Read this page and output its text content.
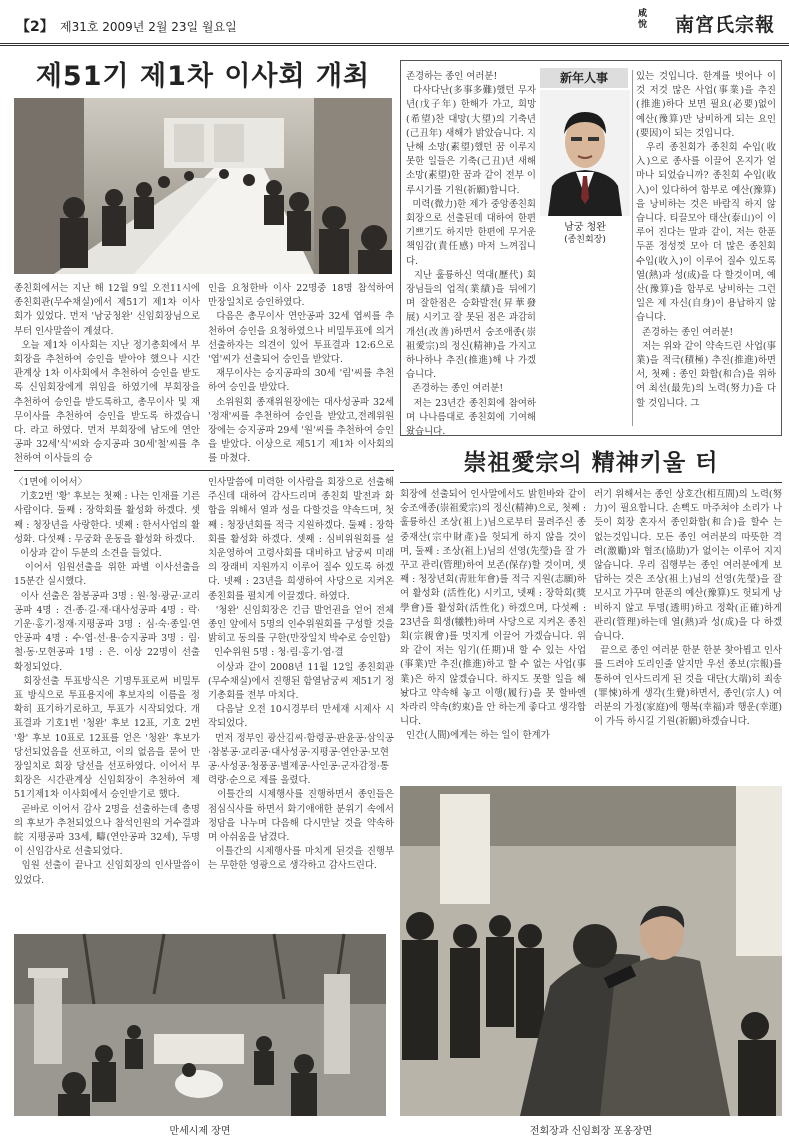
【2】 제31호 2009년 2월 23일 월요일
咸悅 南宮氏宗報
제51기 제1차 이사회 개최
종친회에서는 지난 해 12월 9일 오전11시에 종친회관(무수채실)에서 제51기 제1차 이사회가 있었다. 먼저 '남궁청완' 신임회장님으로부터 인사말씀이 계셨다.
오늘 제1차 이사회는 지난 정기총회에서 부회장을 추천하여 승인을 받아야 했으나 시간관계상 1차 이사회에서 추천하여 승인을 받도록 신임회장에게 위임을 하였기에 부회장을 추천하여 승인을 받도록하고, 총무이사 및 재무이사를 추천하여 승인을 받도록 하겠습니다. 라고 하였다. 먼저 부회장에 남도에 연안공파 32세'식'씨와 승지공파 30세'철'씨를 추천하여 이사들의 승
인을 요청한바 이사 22명중 18명 참석하여 만장일치로 승인하였다.
다음은 총무이사 연안공파 32세 엽씨를 추천하여 승인을 요청하였으나 비밀투표에 의거 선출하자는 의견이 있어 투표결과 12:6으로 '엽'씨가 선출되어 승인을 받았다.
재무이사는 승지공파의 30세 '림'씨를 추천하여 승인을 받았다.
소위원회 종재위원장에는 대사성공파 32세 '정재'씨를 추천하여 승인을 받았고,전례위원장에는 승지공파 29세 '원'씨를 추천하여 승인을 받았다. 이상으로 제51기 제1차 이사회의를 마쳤다.
〈1면에 이어서〉
기호2번 '황' 후보는 첫째 : 나는 인재를 기른 사람이다. 둘째 : 장학회를 활성화 하겠다. 셋째 : 청장년을 사랑한다. 넷째 : 한서사업의 활성화. 다섯째 : 무궁화 운동을 활성화 하겠다.
이상과 같이 두분의 소견을 들었다.
이어서 임원선출을 위한 파별 이사선출을 15분간 실시했다.
이사 선출은 참봉공파 3명 : 원·청·광균·교리공파 4명 : 견·종·길·재·대사성공파 4명 : 락·기운·홍기·정재·지평공파 3명 : 심·숙·종일·연안공파 4명 : 수·엽·선·용·승지공파 3명 : 림·철·동·모현공파 1명 : 은. 이상 22명이 선출 확정되었다.
회장선출 투표방식은 기명투표로써 비밀투표 방식으로 투표용지에 후보자의 이름을 정확히 표기하기로하고, 투표가 시작되었다. 개표결과 기호1번 '청완' 후보 12표, 기호 2번 '황' 후보 10표로 12표를 얻은 '청완' 후보가 당선되었음을 선포하고, 이의 없음을 묻어 만장일치로 회장 당선을 선포하였다. 이어서 부회장은 시간관계상 신임회장이 추천하여 제51기제1차 이사회에서 승인받기로 했다.
곧바로 이어서 감사 2명을 선출하는데 총명의 후보가 추천되었으나 참석인원의 거수결과 皖 지평공파 33세, 疇(연안공파 32세), 두명이 신임감사로 선출되었다.
임원 선출이 끝나고 신임회장의 인사말씀이 있었다.
인사말씀에 미력한 이사람을 회장으로 선출해 주신데 대하여 감사드리며 종친회 발전과 화합을 위해서 열과 성을 다할것을 약속드며, 첫째 : 청장년회를 적극 지원하겠다. 둘째 : 장학회를 활성화 하겠다. 셋째 : 심비위원회를 설치운영하여 고령사회를 대비하고 남궁씨 미래의 장래비 지원까지 이루어 질수 있도록 하겠다. 넷째 : 23년을 희생하여 사당으로 지켜온 종친회를 펼치게 이끌겠다. 하였다.
'청완' 신임회장은 긴급 발언권을 얻어 전체 종인 앞에서 5명의 인수위원회를 구성할 것을 밝히고 동의를 구한(만장일치 박수로 승인함)
인수위원 5명 : 청·림·홍기·엽·결
이상과 같이 2008년 11월 12일 종친회관(무수채실)에서 진행된 함열남궁씨 제51기 정기총회를 전부 마치다.
다음날 오전 10시경부터 만세재 시제사 시작되었다.
먼저 정부인 광산김씨·함령공·판윤공·삼익공·참봉공·교리공·대사성공·지평공·연안공·모현공·사성공·청풍공·별제공·사인공·군자감정·통력량·순으로 제를 올렸다.
이틀간의 시제행사를 진행하면서 종인들은 점심식사를 하면서 화기애애한 분위기 속에서 정담을 나누며 다음해 다시만날 것을 약속하며 아쉬움을 남겼다.
이틀간의 시제행사를 마치게 된것을 진행부는 무한한 영광으로 생각하고 감사드린다.
만세시제 장면
존경하는 종인 여러분!
다사다난(多事多難)했던 무자년(戊子年) 한해가 가고, 희망(希望)찬 대망(大望)의 기축년(己丑年) 새해가 밝았습니다. 지난해 소망(素望)했던 꿈 이루지 못한 일들은 기축(己丑)년 새해 소망(素望)한 꿈과 같이 전부 이루시기를 기원(祈願)합니다.
미력(微力)한 제가 중앙종친회 회장으로 선출된데 대하여 한편 기쁘기도 하지만 한편에 무거운 책임감(責任感) 마저 느껴집니다.
지난 훌륭하신 역대(歷代) 회장님들의 업적(業績)을 뒤에기며 잘한점은 승화발전(昇華發展) 시키고 잘 못된 점은 과감히 개선(改善)하면서 숭조애종(崇祖愛宗)의 정신(精神)을 가지고 하나하나 추진(推進)해 나 가겠습니다.
존경하는 종인 여러분!
저는 23년간 종친회에 참여하며 나나름대로 종친회에 기여해 왔습니다.
新年人事
남궁 청완
(종친회장)
있는 것입니다. 한계를 벗어나 이것 저것 많은 사업(事業)을 추진(推進)하다 보면 필요(必要)없이 예산(豫算)만 낭비하게 되는 요인(要因)이 되는 것입니다.
우리 종친회가 종친회 수입(收入)으로 종사를 이끌어 온지가 얼마나 되었습니까? 종친회 수입(收入)이 있다하여 함부로 예산(豫算)을 낭비하는 것은 바람직 하지 않습니다. 티끌모아 태산(泰山)이 이루어 진다는 말과 같이, 저는 한푼 두푼 정성껏 모아 더 많은 종친회 수입(收入)이 이루어 질수 있도록 열(熱)과 성(成)을 다 할것이며, 예산(豫算)을 함부로 낭비하는 그런 일은 제 자신(自身)이 용납하지 않습니다.
존경하는 종인 여러분!
저는 위와 같이 약속드린 사업(事業)을 적극(積極) 추진(推進)하면서, 첫째 : 종인 화합(和合)을 위하여 최선(最先)의 노력(努力)을 다할 것입니다. 그
崇祖愛宗의 精神키울 터
회장에 선출되어 인사말에서도 밝힌바와 같이 숭조애종(崇祖愛宗)의 정신(精神)으로, 첫째 : 훌륭하신 조상(祖上)님으로부터 물려주신 종중재산(宗中財產)을 헛되게 하지 않을 것이며, 둘째 : 조상(祖上)님의 선영(先瑩)을 잘 가꾸고 관리(管理)하여 보존(保存)할 것이며, 셋째 : 청장년회(靑壯年會)를 적극 지원(志願)하여 활성화 (活性化) 시키고, 넷째 : 장학회(獎學會)를 활성화(活性化) 하겠으며, 다섯째 : 23년을 희생(犧牲)하며 사당으로 지켜온 종친회(宗親會)를 멋지게 이끌어 가겠습니다. 위와 같이 저는 임기(任期)내 할 수 있는 사업(事業)만 추진(推進)하고 할 수 없는 사업(事業)은 하지 않겠습니다. 하지도 못할 일을 해놨다고 약속해 놓고 이행(履行)을 못 할바엔 차라리 약속(約束)을 안 하는게 좋다고 생각합니다.
인간(人間)에게는 하는 일이 한계가
러기 위해서는 종인 상호간(相互間)의 노력(努力)이 필요합니다. 손뼉도 마주쳐야 소리가 나듯이 회장 혼자서 종인화합(和合)을 할수 는 없는것입니다. 모든 종인 여러분의 따뜻한 격려(激勵)와 협조(協助)가 없이는 이루어 지지 않습니다. 우리 집행부는 종인 여러분에게 보답하는 것은 조상(祖上)님의 선영(先瑩)을 잘 모시고 가꾸며 한푼의 예산(豫算)도 헛되게 낭비하지 않고 투명(透明)하고 정확(正確)하게 관리(管理)하는데 열(熱)과 성(成)을 다 하겠습니다.
끝으로 종인 여러분 한분 한분 찾아뵙고 인사를 드려야 도리인줄 알지만 우선 종보(宗報)를 통하여 인사드리게 된 것을 대단(大端)히 죄송(罪悚)하게 생각(生覺)하면서, 종인(宗人) 여러분의 가정(家庭)에 행복(幸福)과 행운(幸運)이 가득 하시길 기원(祈願)하겠습니다.
전회장과 신임회장 포옹장면
